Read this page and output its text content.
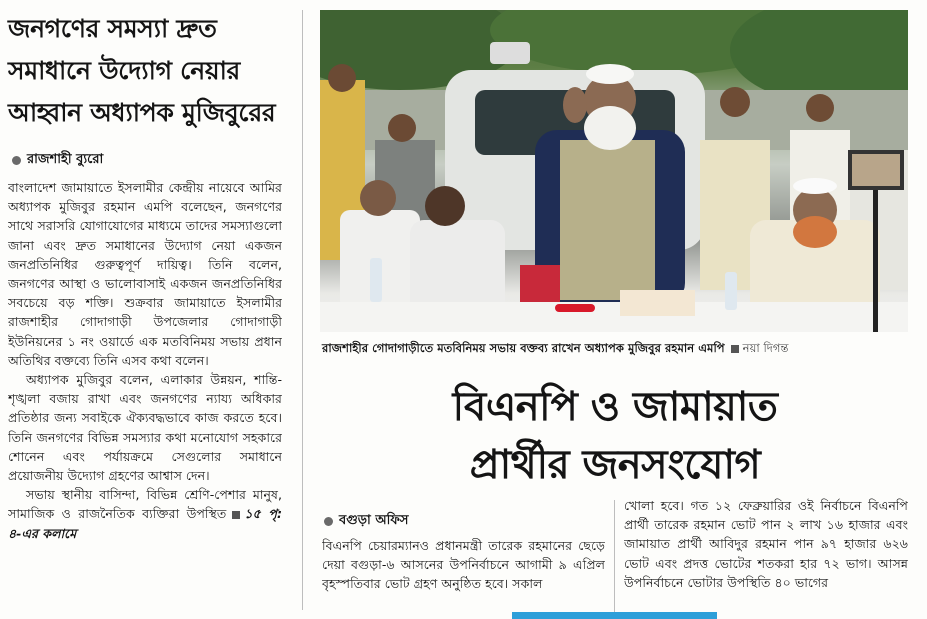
জনগণের সমস্যা দ্রুত
সমাধানে উদ্যোগ নেয়ার
আহ্বান অধ্যাপক মুজিবুরের
রাজশাহী ব্যুরো

বাংলাদেশ জামায়াতে ইসলামীর কেন্দ্রীয় নায়েবে আমির অধ্যাপক মুজিবুর রহমান এমপি বলেছেন, জনগণের সাথে সরাসরি যোগাযোগের মাধ্যমে তাদের সমস্যাগুলো জানা এবং দ্রুত সমাধানের উদ্যোগ নেয়া একজন জনপ্রতিনিধির গুরুত্বপূর্ণ দায়িত্ব। তিনি বলেন, জনগণের আস্থা ও ভালোবাসাই একজন জনপ্রতিনিধির সবচেয়ে বড় শক্তি। শুক্রবার জামায়াতে ইসলামীর রাজশাহীর গোদাগাড়ী উপজেলার গোদাগাড়ী ইউনিয়নের ১ নং ওয়ার্ডে এক মতবিনিময় সভায় প্রধান অতিথির বক্তব্যে তিনি এসব কথা বলেন।

অধ্যাপক মুজিবুর বলেন, এলাকার উন্নয়ন, শান্তি-শৃঙ্খলা বজায় রাখা এবং জনগণের ন্যায্য অধিকার প্রতিষ্ঠার জন্য সবাইকে ঐক্যবদ্ধভাবে কাজ করতে হবে। তিনি জনগণের বিভিন্ন সমস্যার কথা মনোযোগ সহকারে শোনেন এবং পর্যায়ক্রমে সেগুলোর সমাধানে প্রয়োজনীয় উদ্যোগ গ্রহণের আশ্বাস দেন।

সভায় স্থানীয় বাসিন্দা, বিভিন্ন শ্রেণি-পেশার মানুষ, সামাজিক ও রাজনৈতিক ব্যক্তিরা উপস্থিত ১৫ পৃ: ৪-এর কলামে

রাজশাহীর গোদাগাড়ীতে মতবিনিময় সভায় বক্তব্য রাখেন অধ্যাপক মুজিবুর রহমান এমপি নয়া দিগন্ত
বিএনপি ও জামায়াত
প্রার্থীর জনসংযোগ
বগুড়া অফিস

বিএনপি চেয়ারম্যানও প্রধানমন্ত্রী তারেক রহমানের ছেড়ে দেয়া বগুড়া-৬ আসনের উপনির্বাচনে আগামী ৯ এপ্রিল বৃহস্পতিবার ভোট গ্রহণ অনুষ্ঠিত হবে। সকাল

খোলা হবে। গত ১২ ফেব্রুয়ারির ওই নির্বাচনে বিএনপি প্রার্থী তারেক রহমান ভোট পান ২ লাখ ১৬ হাজার এবং জামায়াত প্রার্থী আবিদুর রহমান পান ৯৭ হাজার ৬২৬ ভোট এবং প্রদত্ত ভোটের শতকরা হার ৭২ ভাগ। আসন্ন উপনির্বাচনে ভোটার উপস্থিতি ৪০ ভাগের
